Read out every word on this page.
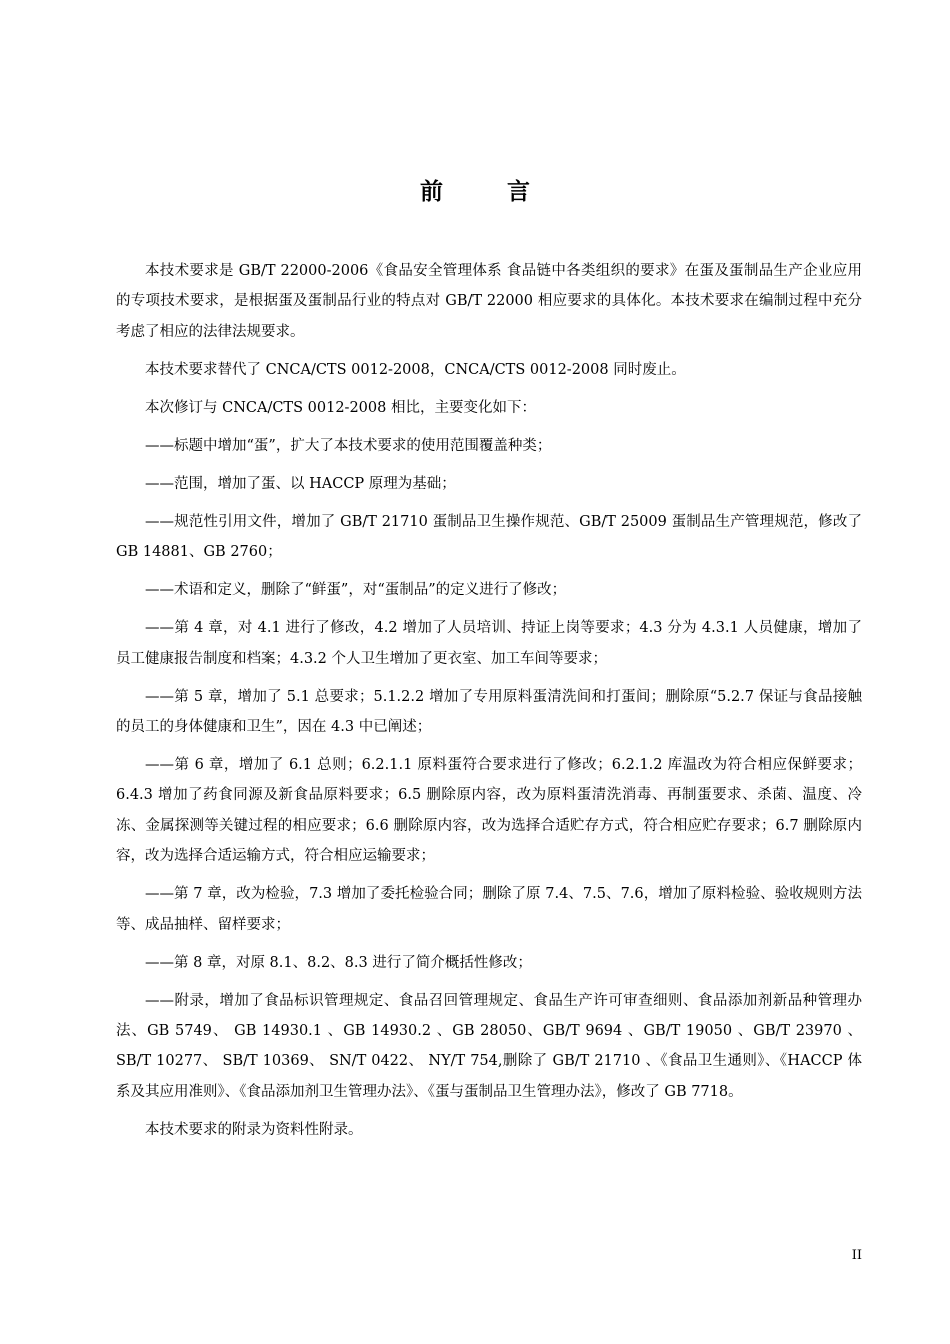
前 言

本技术要求是 GB/T 22000-2006《食品安全管理体系 食品链中各类组织的要求》在蛋及蛋制品生产企业应用的专项技术要求，是根据蛋及蛋制品行业的特点对 GB/T 22000 相应要求的具体化。本技术要求在编制过程中充分考虑了相应的法律法规要求。

本技术要求替代了 CNCA/CTS 0012-2008，CNCA/CTS 0012-2008 同时废止。

本次修订与 CNCA/CTS 0012-2008 相比，主要变化如下：

——标题中增加“蛋”，扩大了本技术要求的使用范围覆盖种类；

——范围，增加了蛋、以 HACCP 原理为基础；

——规范性引用文件，增加了 GB/T 21710 蛋制品卫生操作规范、GB/T 25009 蛋制品生产管理规范，修改了 GB 14881、GB 2760；

——术语和定义，删除了“鲜蛋”，对“蛋制品”的定义进行了修改；

——第 4 章，对 4.1 进行了修改，4.2 增加了人员培训、持证上岗等要求；4.3 分为 4.3.1 人员健康，增加了员工健康报告制度和档案；4.3.2 个人卫生增加了更衣室、加工车间等要求；

——第 5 章，增加了 5.1 总要求；5.1.2.2 增加了专用原料蛋清洗间和打蛋间；删除原“5.2.7 保证与食品接触的员工的身体健康和卫生”，因在 4.3 中已阐述；

——第 6 章，增加了 6.1 总则；6.2.1.1 原料蛋符合要求进行了修改；6.2.1.2 库温改为符合相应保鲜要求；6.4.3 增加了药食同源及新食品原料要求；6.5 删除原内容，改为原料蛋清洗消毒、再制蛋要求、杀菌、温度、冷冻、金属探测等关键过程的相应要求；6.6 删除原内容，改为选择合适贮存方式，符合相应贮存要求；6.7 删除原内容，改为选择合适运输方式，符合相应运输要求；

——第 7 章，改为检验，7.3 增加了委托检验合同；删除了原 7.4、7.5、7.6，增加了原料检验、验收规则方法等、成品抽样、留样要求；

——第 8 章，对原 8.1、8.2、8.3 进行了简介概括性修改；

——附录，增加了食品标识管理规定、食品召回管理规定、食品生产许可审查细则、食品添加剂新品种管理办法、GB 5749、 GB 14930.1 、GB 14930.2 、GB 28050、GB/T 9694 、GB/T 19050 、GB/T 23970 、SB/T 10277、 SB/T 10369、 SN/T 0422、 NY/T 754,删除了 GB/T 21710 、《食品卫生通则》、《HACCP 体系及其应用准则》、《食品添加剂卫生管理办法》、《蛋与蛋制品卫生管理办法》，修改了 GB 7718。

本技术要求的附录为资料性附录。

II
